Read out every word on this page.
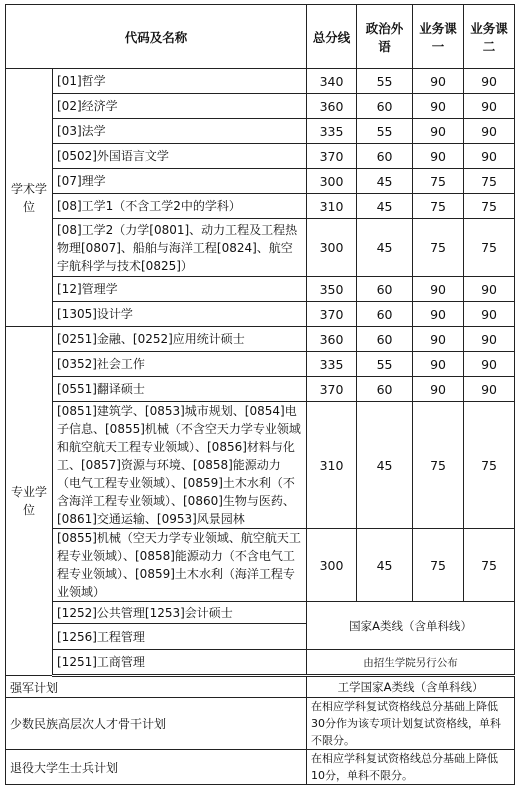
代码及名称		总分线	政治外语	业务课一	业务课二
学术学位	[01]哲学	340	55	90	90
	[02]经济学	360	60	90	90
	[03]法学	335	55	90	90
	[0502]外国语言文学	370	60	90	90
	[07]理学	300	45	75	75
	[08]工学1（不含工学2中的学科）	310	45	75	75
	[08]工学2（力学[0801]、动力工程及工程热物理[0807]、船舶与海洋工程[0824]、航空宇航科学与技术[0825]）	300	45	75	75
	[12]管理学	350	60	90	90
	[1305]设计学	370	60	90	90
专业学位	[0251]金融、[0252]应用统计硕士	360	60	90	90
	[0352]社会工作	335	55	90	90
	[0551]翻译硕士	370	60	90	90
	[0851]建筑学、[0853]城市规划、[0854]电子信息、[0855]机械（不含空天力学专业领域和航空航天工程专业领域）、[0856]材料与化工、[0857]资源与环境、[0858]能源动力（电气工程专业领域）、[0859]土木水利（不含海洋工程专业领域）、[0860]生物与医药、[0861]交通运输、[0953]风景园林	310	45	75	75
	[0855]机械（空天力学专业领域、航空航天工程专业领域）、[0858]能源动力（不含电气工程专业领域）、[0859]土木水利（海洋工程专业领域）	300	45	75	75
	[1252]公共管理[1253]会计硕士	国家A类线（含单科线）			
	[1256]工程管理				
	[1251]工商管理	由招生学院另行公布			
强军计划		工学国家A类线（含单科线）			
少数民族高层次人才骨干计划		在相应学科复试资格线总分基础上降低30分作为该专项计划复试资格线，单科不限分。			
退役大学生士兵计划		在相应学科复试资格线总分基础上降低10分，单科不限分。			
